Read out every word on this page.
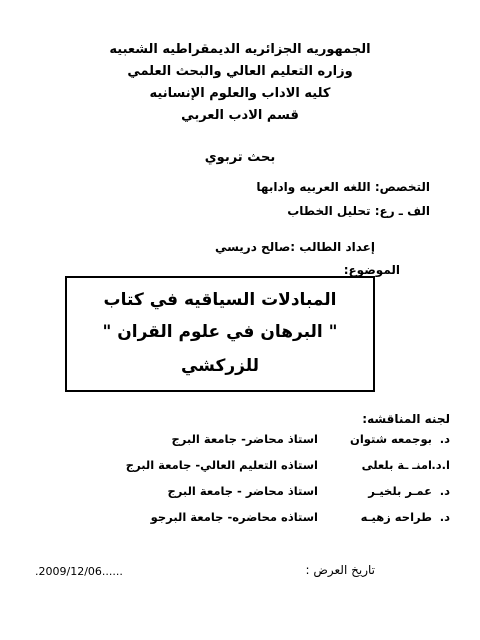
الجمهوريه الجزائريه الديمقراطيه الشعبيه
وزاره التعليم العالي والبحث العلمي
كليه الاداب والعلوم الإنسانيه
قسم الادب العربي
بحث تربوي
التخصص: اللغه العربيه وادابها
الف ـ رع: تحليل الخطاب
إعداد الطالب :صالح دريسي
الموضوع:
المبادلات السياقيه في كتاب
" البرهان في علوم القران "
للزركشي
لجنه المناقشه:
د.
بوجمعه شتوان
استاذ محاضر- جامعة البرج
ا.د.
امنـ ـة بلعلى
استاذه التعليم العالي- جامعة البرج
د.
عمـر بلخيـر
استاذ محاضر - جامعة البرج
د.
طراحه زهيـه
استاذه محاضره- جامعة البرجو
تاريخ العرض :
.2009/12/06......
